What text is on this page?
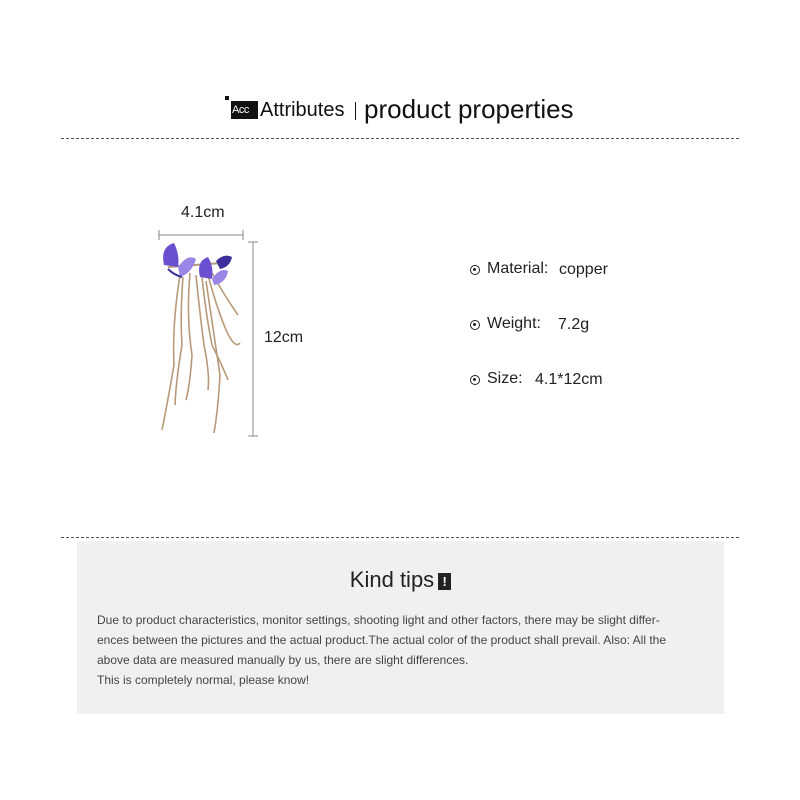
Acc Attributes product properties
4.1cm
12cm
Material: copper
Weight: 7.2g
Size: 4.1*12cm
Kind tips !
Due to product characteristics, monitor settings, shooting light and other factors, there may be slight differ-
ences between the pictures and the actual product.The actual color of the product shall prevail. Also: All the
above data are measured manually by us, there are slight differences.
This is completely normal, please know!
